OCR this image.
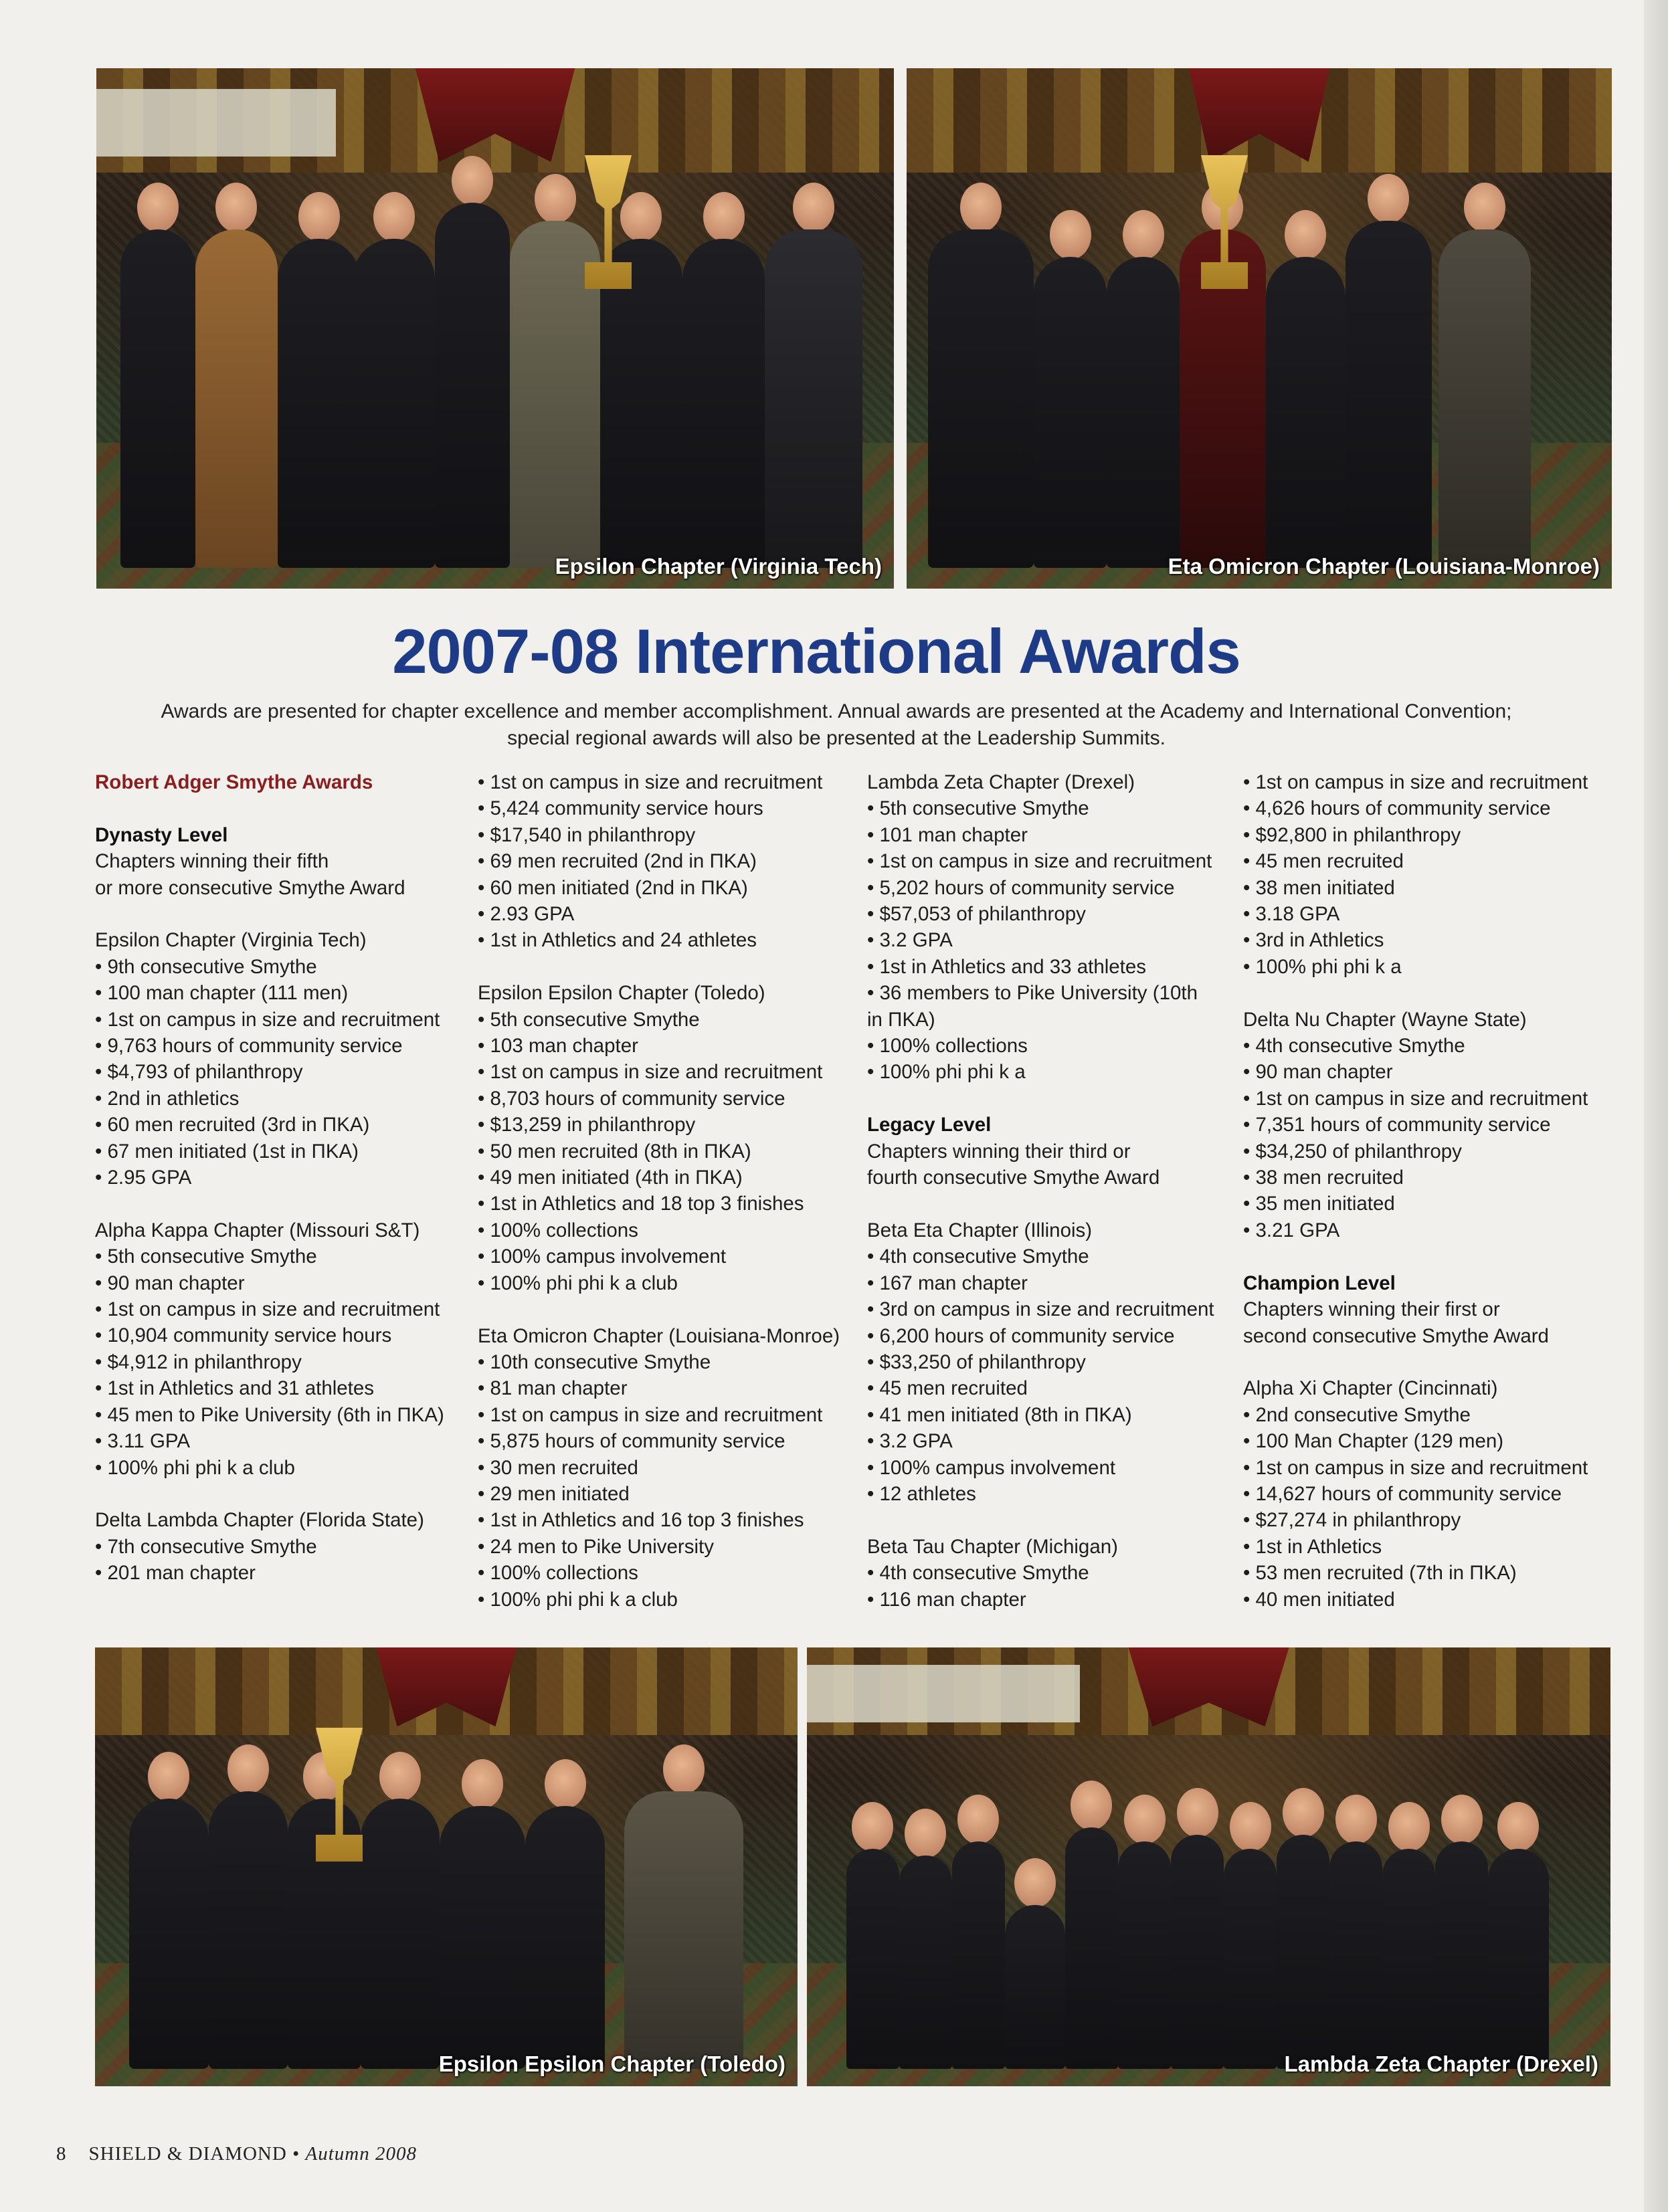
Epsilon Chapter (Virginia Tech)	Eta Omicron Chapter (Louisiana-Monroe)
2007-08 International Awards
Awards are presented for chapter excellence and member accomplishment. Annual awards are presented at the Academy and International Convention;
special regional awards will also be presented at the Leadership Summits.
Robert Adger Smythe Awards
Dynasty Level
Chapters winning their fifth
or more consecutive Smythe Award
Epsilon Chapter (Virginia Tech)
• 9th consecutive Smythe
• 100 man chapter (111 men)
• 1st on campus in size and recruitment
• 9,763 hours of community service
• $4,793 of philanthropy
• 2nd in athletics
• 60 men recruited (3rd in ΠKA)
• 67 men initiated (1st in ΠKA)
• 2.95 GPA
Alpha Kappa Chapter (Missouri S&T)
• 5th consecutive Smythe
• 90 man chapter
• 1st on campus in size and recruitment
• 10,904 community service hours
• $4,912 in philanthropy
• 1st in Athletics and 31 athletes
• 45 men to Pike University (6th in ΠKA)
• 3.11 GPA
• 100% phi phi k a club
Delta Lambda Chapter (Florida State)
• 7th consecutive Smythe
• 201 man chapter
• 1st on campus in size and recruitment
• 5,424 community service hours
• $17,540 in philanthropy
• 69 men recruited (2nd in ΠKA)
• 60 men initiated (2nd in ΠKA)
• 2.93 GPA
• 1st in Athletics and 24 athletes
Epsilon Epsilon Chapter (Toledo)
• 5th consecutive Smythe
• 103 man chapter
• 1st on campus in size and recruitment
• 8,703 hours of community service
• $13,259 in philanthropy
• 50 men recruited (8th in ΠKA)
• 49 men initiated (4th in ΠKA)
• 1st in Athletics and 18 top 3 finishes
• 100% collections
• 100% campus involvement
• 100% phi phi k a club
Eta Omicron Chapter (Louisiana-Monroe)
• 10th consecutive Smythe
• 81 man chapter
• 1st on campus in size and recruitment
• 5,875 hours of community service
• 30 men recruited
• 29 men initiated
• 1st in Athletics and 16 top 3 finishes
• 24 men to Pike University
• 100% collections
• 100% phi phi k a club
Lambda Zeta Chapter (Drexel)
• 5th consecutive Smythe
• 101 man chapter
• 1st on campus in size and recruitment
• 5,202 hours of community service
• $57,053 of philanthropy
• 3.2 GPA
• 1st in Athletics and 33 athletes
• 36 members to Pike University (10th
in ΠKA)
• 100% collections
• 100% phi phi k a
Legacy Level
Chapters winning their third or
fourth consecutive Smythe Award
Beta Eta Chapter (Illinois)
• 4th consecutive Smythe
• 167 man chapter
• 3rd on campus in size and recruitment
• 6,200 hours of community service
• $33,250 of philanthropy
• 45 men recruited
• 41 men initiated (8th in ΠKA)
• 3.2 GPA
• 100% campus involvement
• 12 athletes
Beta Tau Chapter (Michigan)
• 4th consecutive Smythe
• 116 man chapter
• 1st on campus in size and recruitment
• 4,626 hours of community service
• $92,800 in philanthropy
• 45 men recruited
• 38 men initiated
• 3.18 GPA
• 3rd in Athletics
• 100% phi phi k a
Delta Nu Chapter (Wayne State)
• 4th consecutive Smythe
• 90 man chapter
• 1st on campus in size and recruitment
• 7,351 hours of community service
• $34,250 of philanthropy
• 38 men recruited
• 35 men initiated
• 3.21 GPA
Champion Level
Chapters winning their first or
second consecutive Smythe Award
Alpha Xi Chapter (Cincinnati)
• 2nd consecutive Smythe
• 100 Man Chapter (129 men)
• 1st on campus in size and recruitment
• 14,627 hours of community service
• $27,274 in philanthropy
• 1st in Athletics
• 53 men recruited (7th in ΠKA)
• 40 men initiated
Epsilon Epsilon Chapter (Toledo)	Lambda Zeta Chapter (Drexel)
8 SHIELD & DIAMOND • Autumn 2008
